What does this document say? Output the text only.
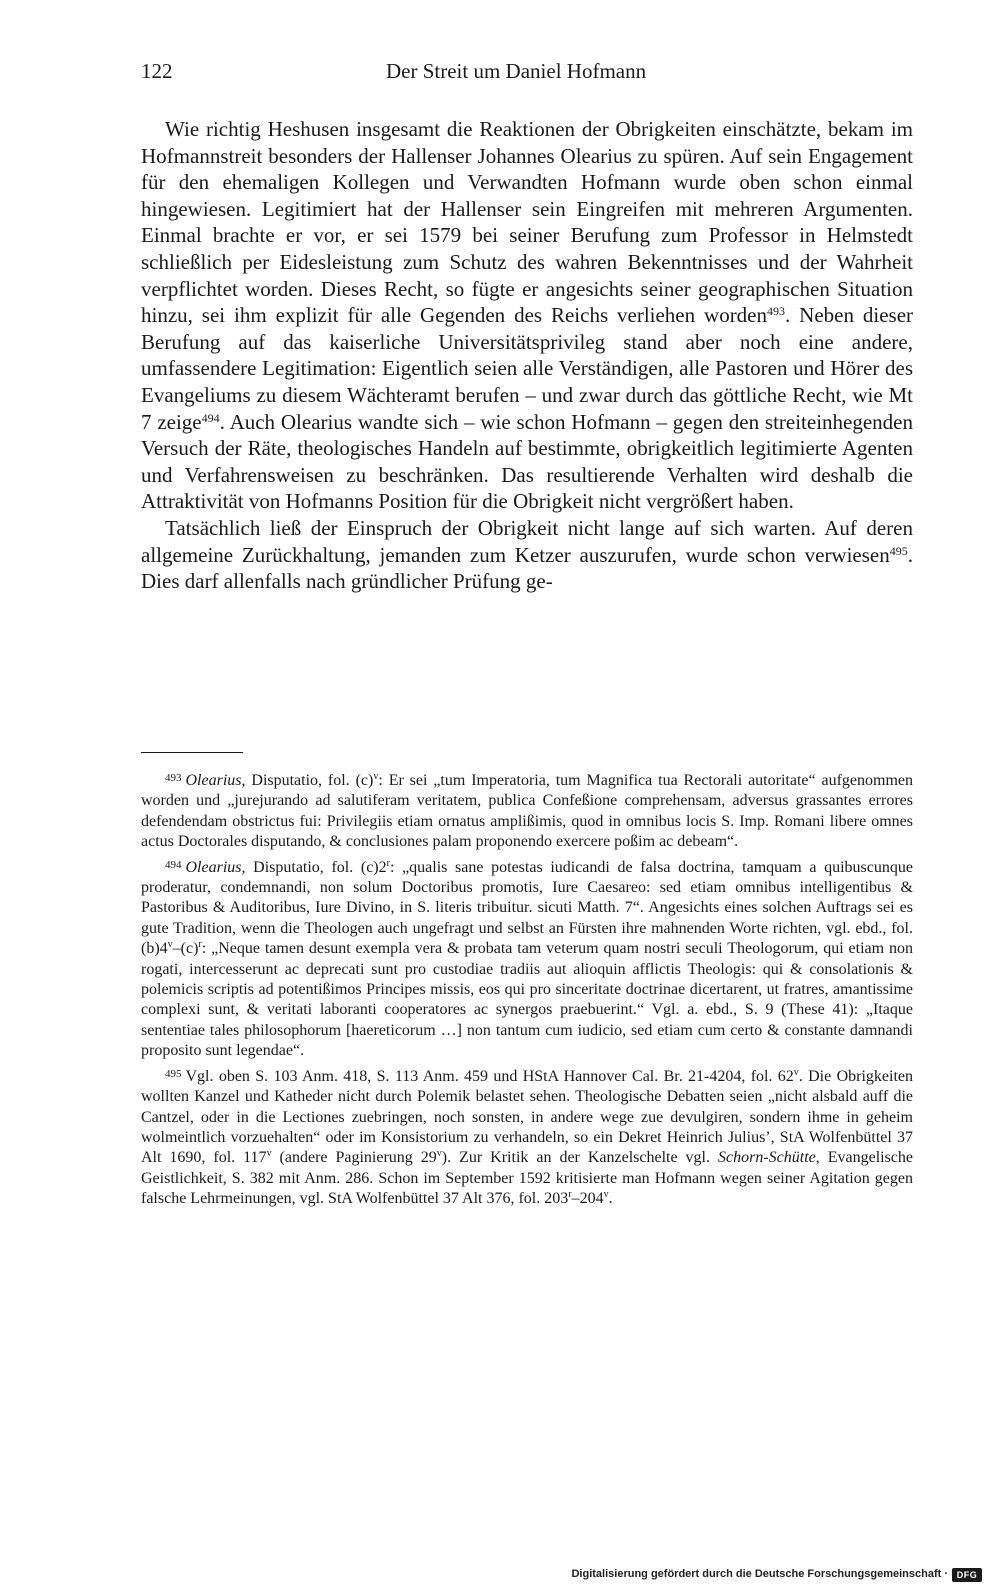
122	Der Streit um Daniel Hofmann

Wie richtig Heshusen insgesamt die Reaktionen der Obrigkeiten einschätzte, bekam im Hofmannstreit besonders der Hallenser Johannes Olearius zu spüren. Auf sein Engagement für den ehemaligen Kollegen und Verwandten Hofmann wurde oben schon einmal hingewiesen. Legitimiert hat der Hallenser sein Eingreifen mit mehreren Argumenten. Einmal brachte er vor, er sei 1579 bei seiner Berufung zum Professor in Helmstedt schließlich per Eidesleistung zum Schutz des wahren Bekenntnisses und der Wahrheit verpflichtet worden. Dieses Recht, so fügte er angesichts seiner geographischen Situation hinzu, sei ihm explizit für alle Gegenden des Reichs verliehen worden$^{493}$. Neben dieser Berufung auf das kaiserliche Universitätsprivileg stand aber noch eine andere, umfassendere Legitimation: Eigentlich seien alle Verständigen, alle Pastoren und Hörer des Evangeliums zu diesem Wächteramt berufen – und zwar durch das göttliche Recht, wie Mt 7 zeige$^{494}$. Auch Olearius wandte sich – wie schon Hofmann – gegen den streiteinhegenden Versuch der Räte, theologisches Handeln auf bestimmte, obrigkeitlich legitimierte Agenten und Verfahrensweisen zu beschränken. Das resultierende Verhalten wird deshalb die Attraktivität von Hofmanns Position für die Obrigkeit nicht vergrößert haben.

Tatsächlich ließ der Einspruch der Obrigkeit nicht lange auf sich warten. Auf deren allgemeine Zurückhaltung, jemanden zum Ketzer auszurufen, wurde schon verwiesen$^{495}$. Dies darf allenfalls nach gründlicher Prüfung ge-

$^{493}$ Olearius, Disputatio, fol. $(c)^v$: Er sei „tum Imperatoria, tum Magnifica tua Rectorali autoritate“ aufgenommen worden und „jurejurando ad salutiferam veritatem, publica Confeßione comprehensam, adversus grassantes errores defendendam obstrictus fui: Privilegiis etiam ornatus amplißimis, quod in omnibus locis S. Imp. Romani libere omnes actus Doctorales disputando, & conclusiones palam proponendo exercere poßim ac debeam“.

$^{494}$ Olearius, Disputatio, fol. (c)2$^r$: „qualis sane potestas iudicandi de falsa doctrina, tamquam a quibuscunque proderatur, condemnandi, non solum Doctoribus promotis, Iure Caesareo: sed etiam omnibus intelligentibus & Pastoribus & Auditoribus, Iure Divino, in S. literis tribuitur. sicuti Matth. 7“. Angesichts eines solchen Auftrags sei es gute Tradition, wenn die Theologen auch ungefragt und selbst an Fürsten ihre mahnenden Worte richten, vgl. ebd., fol. $(b)4^v-(c)^r$: „Neque tamen desunt exempla vera & probata tam veterum quam nostri seculi Theologorum, qui etiam non rogati, intercesserunt ac deprecati sunt pro custodiae tradiis aut alioquin afflictis Theologis: qui & consolationis & polemicis scriptis ad potentißimos Principes missis, eos qui pro sinceritate doctrinae dicertarent, ut fratres, amantissime complexi sunt, & veritati laboranti cooperatores ac synergos praebuerint.“ Vgl. a. ebd., S. 9 (These 41): „Itaque sententiae tales philosophorum [haereticorum …] non tantum cum iudicio, sed etiam cum certo & constante damnandi proposito sunt legendae“.

$^{495}$ Vgl. oben S. 103 Anm. 418, S. 113 Anm. 459 und HStA Hannover Cal. Br. 21-4204, fol. 62$^v$. Die Obrigkeiten wollten Kanzel und Katheder nicht durch Polemik belastet sehen. Theologische Debatten seien „nicht alsbald auff die Cantzel, oder in die Lectiones zuebringen, noch sonsten, in andere wege zue devulgiren, sondern ihme in geheim wolmeintlich vorzuehalten“ oder im Konsistorium zu verhandeln, so ein Dekret Heinrich Julius’, StA Wolfenbüttel 37 Alt 1690, fol. 117$^v$ (andere Paginierung 29$^v$). Zur Kritik an der Kanzelschelte vgl. Schorn-Schütte, Evangelische Geistlichkeit, S. 382 mit Anm. 286. Schon im September 1592 kritisierte man Hofmann wegen seiner Agitation gegen falsche Lehrmeinungen, vgl. StA Wolfenbüttel 37 Alt 376, fol. 203$^r$–204$^v$.

Digitalisierung gefördert durch die Deutsche Forschungsgemeinschaft · DFG
